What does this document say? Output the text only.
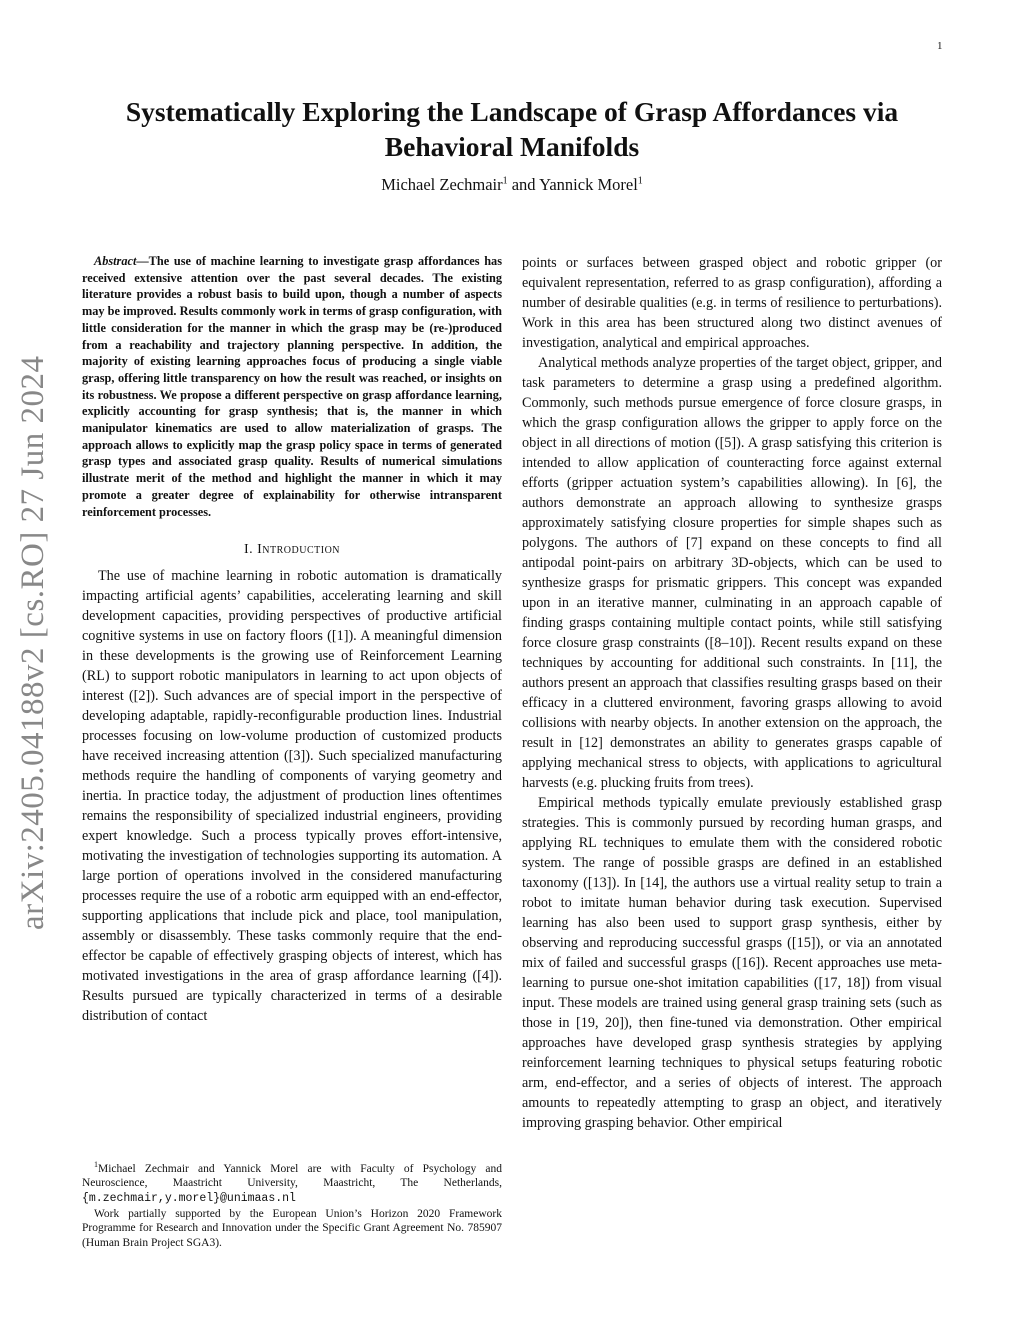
1
arXiv:2405.04188v2 [cs.RO] 27 Jun 2024
Systematically Exploring the Landscape of Grasp Affordances via Behavioral Manifolds
Michael Zechmair$^1$ and Yannick Morel$^1$

Abstract—The use of machine learning to investigate grasp affordances has received extensive attention over the past several decades. The existing literature provides a robust basis to build upon, though a number of aspects may be improved. Results commonly work in terms of grasp configuration, with little consideration for the manner in which the grasp may be (re-)produced from a reachability and trajectory planning perspective. In addition, the majority of existing learning approaches focus of producing a single viable grasp, offering little transparency on how the result was reached, or insights on its robustness. We propose a different perspective on grasp affordance learning, explicitly accounting for grasp synthesis; that is, the manner in which manipulator kinematics are used to allow materialization of grasps. The approach allows to explicitly map the grasp policy space in terms of generated grasp types and associated grasp quality. Results of numerical simulations illustrate merit of the method and highlight the manner in which it may promote a greater degree of explainability for otherwise intransparent reinforcement processes.

I. Introduction

The use of machine learning in robotic automation is dramatically impacting artificial agents’ capabilities, accelerating learning and skill development capacities, providing perspectives of productive artificial cognitive systems in use on factory floors ([1]). A meaningful dimension in these developments is the growing use of Reinforcement Learning (RL) to support robotic manipulators in learning to act upon objects of interest ([2]). Such advances are of special import in the perspective of developing adaptable, rapidly-reconfigurable production lines. Industrial processes focusing on low-volume production of customized products have received increasing attention ([3]). Such specialized manufacturing methods require the handling of components of varying geometry and inertia. In practice today, the adjustment of production lines oftentimes remains the responsibility of specialized industrial engineers, providing expert knowledge. Such a process typically proves effort-intensive, motivating the investigation of technologies supporting its automation. A large portion of operations involved in the considered manufacturing processes require the use of a robotic arm equipped with an end-effector, supporting applications that include pick and place, tool manipulation, assembly or disassembly. These tasks commonly require that the end-effector be capable of effectively grasping objects of interest, which has motivated investigations in the area of grasp affordance learning ([4]). Results pursued are typically characterized in terms of a desirable distribution of contact

points or surfaces between grasped object and robotic gripper (or equivalent representation, referred to as grasp configuration), affording a number of desirable qualities (e.g. in terms of resilience to perturbations). Work in this area has been structured along two distinct avenues of investigation, analytical and empirical approaches.

Analytical methods analyze properties of the target object, gripper, and task parameters to determine a grasp using a predefined algorithm. Commonly, such methods pursue emergence of force closure grasps, in which the grasp configuration allows the gripper to apply force on the object in all directions of motion ([5]). A grasp satisfying this criterion is intended to allow application of counteracting force against external efforts (gripper actuation system’s capabilities allowing). In [6], the authors demonstrate an approach allowing to synthesize grasps approximately satisfying closure properties for simple shapes such as polygons. The authors of [7] expand on these concepts to find all antipodal point-pairs on arbitrary 3D-objects, which can be used to synthesize grasps for prismatic grippers. This concept was expanded upon in an iterative manner, culminating in an approach capable of finding grasps containing multiple contact points, while still satisfying force closure grasp constraints ([8–10]). Recent results expand on these techniques by accounting for additional such constraints. In [11], the authors present an approach that classifies resulting grasps based on their efficacy in a cluttered environment, favoring grasps allowing to avoid collisions with nearby objects. In another extension on the approach, the result in [12] demonstrates an ability to generates grasps capable of applying mechanical stress to objects, with applications to agricultural harvests (e.g. plucking fruits from trees).

Empirical methods typically emulate previously established grasp strategies. This is commonly pursued by recording human grasps, and applying RL techniques to emulate them with the considered robotic system. The range of possible grasps are defined in an established taxonomy ([13]). In [14], the authors use a virtual reality setup to train a robot to imitate human behavior during task execution. Supervised learning has also been used to support grasp synthesis, either by observing and reproducing successful grasps ([15]), or via an annotated mix of failed and successful grasps ([16]). Recent approaches use meta-learning to pursue one-shot imitation capabilities ([17, 18]) from visual input. These models are trained using general grasp training sets (such as those in [19, 20]), then fine-tuned via demonstration. Other empirical approaches have developed grasp synthesis strategies by applying reinforcement learning techniques to physical setups featuring robotic arm, end-effector, and a series of objects of interest. The approach amounts to repeatedly attempting to grasp an object, and iteratively improving grasping behavior. Other empirical

$^1$Michael Zechmair and Yannick Morel are with Faculty of Psychology and Neuroscience, Maastricht University, Maastricht, The Netherlands, {m.zechmair,y.morel}@unimaas.nl

Work partially supported by the European Union’s Horizon 2020 Framework Programme for Research and Innovation under the Specific Grant Agreement No. 785907 (Human Brain Project SGA3).
